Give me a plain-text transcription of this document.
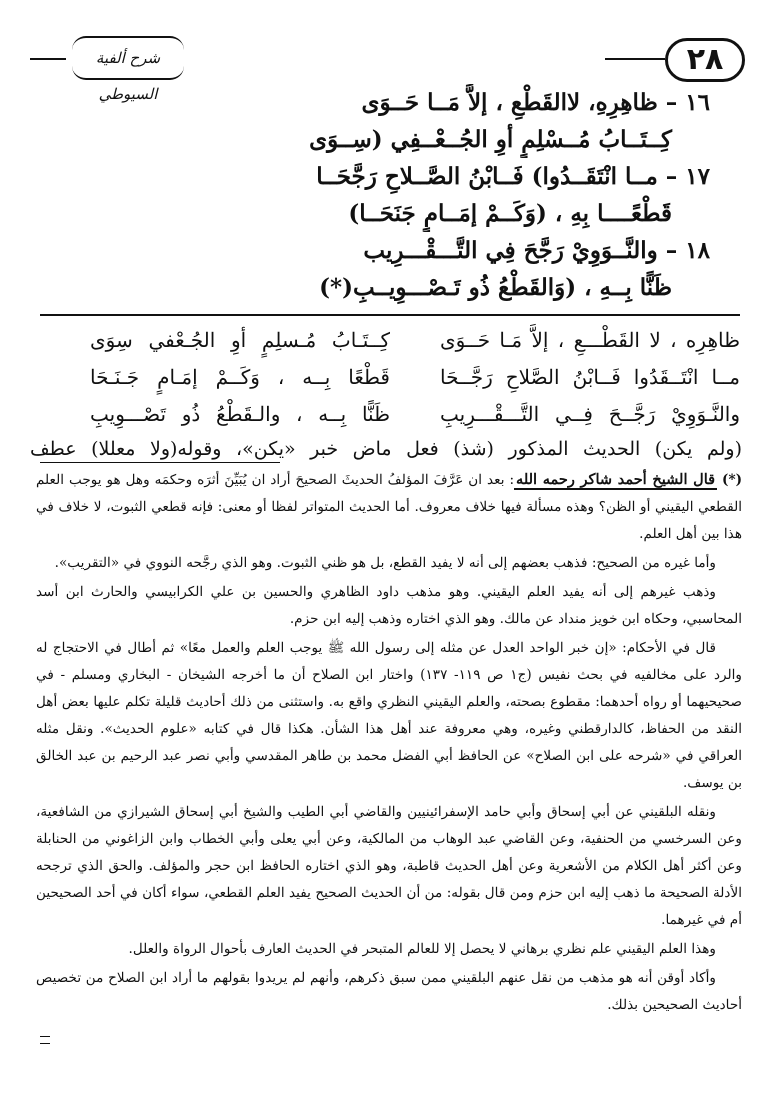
شرح ألفية السيوطي
٢٨
١٦ – ظاهِرِهِ، لاالقَطْعِ ، إلاَّ مَــا حَــوَى
كِــتَــابُ مُــسْلِمٍ أوِ الجُــعْــفِي (سِــوَى
١٧ – مــا انْتَقَــدُوا) فَــابْنُ الصَّــلاحِ رَجَّحَــا
قَطْعًــــا بِهِ ، (وَكَــمْ إمَــامٍ جَنَحَــا)
١٨ – والنَّــوَوِيْ رَجَّحَ فِي التَّـــقْـــرِيب
ظَنًّا بِــهِ ، (وَالقَطْعُ ذُو تَـصْـــوِيــبِ(*)
ظاهِرِه ، لا القَطْـــعِ ، إلاَّ مَـا حَــوَى
كِــتَـابُ مُـسلِمٍ أوِ الجُـعْفي سِوَى
مــا انْتَــقَدُوا فَــابْنُ الصَّلاحِ رَجَّــحَا
قَطْعًا بِــه ، وَكَــمْ إمَـامٍ جَـنَـحَا
والنَّـوَوِيْ رَجَّــحَ فِــي التَّـــقْـــرِيبِ
ظَنًّا بِــه ، والـقَطْعُ ذُو تَصْـــوِيبِ
(ولم يكن) الحديث المذكور (شذ) فعل ماض خبر «يكن»، وقوله(ولا معللا) عطف

(*) قال الشيخ أحمد شاكر رحمه الله: بعد ان عَرَّفَ المؤلفُ الحديثَ الصحيحَ أراد ان يُبَيِّنَ أثرَه وحكمَه وهل هو يوجب العلم القطعي اليقيني أو الظن؟ وهذه مسألة فيها خلاف معروف. أما الحديث المتواتر لفظا أو معنى: فإنه قطعي الثبوت، لا خلاف في هذا بين أهل العلم.

وأما غيره من الصحيح: فذهب بعضهم إلى أنه لا يفيد القطع، بل هو ظني الثبوت. وهو الذي رجَّحه النووي في «التقريب».

وذهب غيرهم إلى أنه يفيد العلم اليقيني. وهو مذهب داود الظاهري والحسين بن علي الكرابيسي والحارث ابن أسد المحاسبي، وحكاه ابن خويز منداد عن مالك. وهو الذي اختاره وذهب إليه ابن حزم.

قال في الأحكام: «إن خبر الواحد العدل عن مثله إلى رسول الله ﷺ يوجب العلم والعمل معًا» ثم أطال في الاحتجاج له والرد على مخالفيه في بحث نفيس (ج١ ص ١١٩- ١٣٧) واختار ابن الصلاح أن ما أخرجه الشيخان - البخاري ومسلم - في صحيحيهما أو رواه أحدهما: مقطوع بصحته، والعلم اليقيني النظري واقع به. واستثنى من ذلك أحاديث قليلة تكلم عليها بعض أهل النقد من الحفاظ، كالدارقطني وغيره، وهي معروفة عند أهل هذا الشأن. هكذا قال في كتابه «علوم الحديث». ونقل مثله العراقي في «شرحه على ابن الصلاح» عن الحافظ أبي الفضل محمد بن طاهر المقدسي وأبي نصر عبد الرحيم بن عبد الخالق بن يوسف.

ونقله البلقيني عن أبي إسحاق وأبي حامد الإسفرائينيين والقاضي أبي الطيب والشيخ أبي إسحاق الشيرازي من الشافعية، وعن السرخسي من الحنفية، وعن القاضي عبد الوهاب من المالكية، وعن أبي يعلى وأبي الخطاب وابن الزاغوني من الحنابلة وعن أكثر أهل الكلام من الأشعرية وعن أهل الحديث قاطبة، وهو الذي اختاره الحافظ ابن حجر والمؤلف. والحق الذي ترجحه الأدلة الصحيحة ما ذهب إليه ابن حزم ومن قال بقوله: من أن الحديث الصحيح يفيد العلم القطعي، سواء أكان في أحد الصحيحين أم في غيرهما.

وهذا العلم اليقيني علم نظري برهاني لا يحصل إلا للعالم المتبحر في الحديث العارف بأحوال الرواة والعلل.

وأكاد أوقن أنه هو مذهب من نقل عنهم البلقيني ممن سبق ذكرهم، وأنهم لم يريدوا بقولهم ما أراد ابن الصلاح من تخصيص أحاديث الصحيحين بذلك.
